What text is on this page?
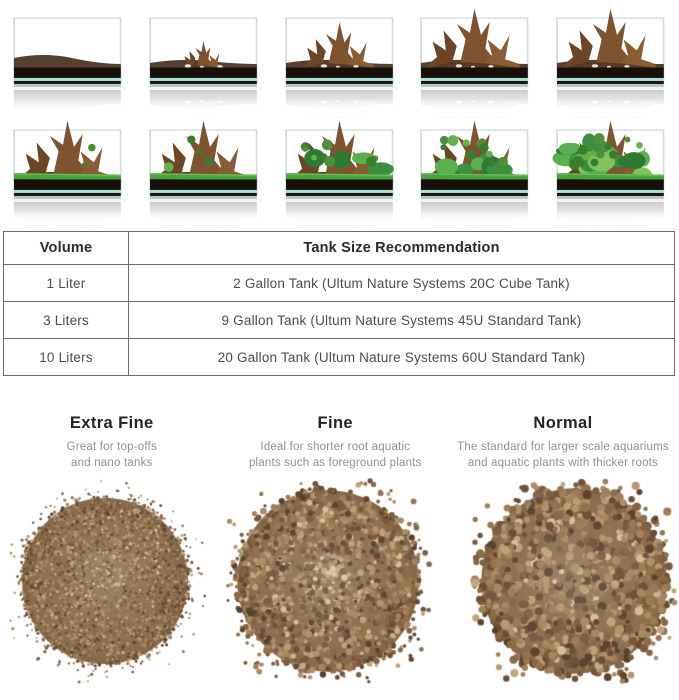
Volume	Tank Size Recommendation
1 Liter	2 Gallon Tank (Ultum Nature Systems 20C Cube Tank)
3 Liters	9 Gallon Tank (Ultum Nature Systems 45U Standard Tank)
10 Liters	20 Gallon Tank (Ultum Nature Systems 60U Standard Tank)
Extra Fine
Great for top-offs
and nano tanks
Fine
Ideal for shorter root aquatic
plants such as foreground plants
Normal
The standard for larger scale aquariums
and aquatic plants with thicker roots
